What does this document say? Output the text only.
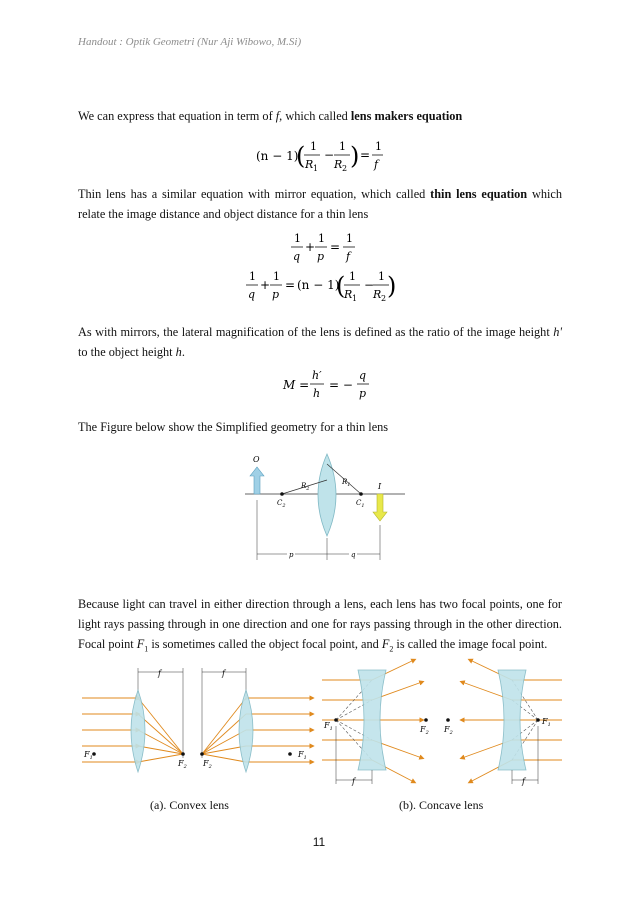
Handout : Optik Geometri (Nur Aji Wibowo, M.Si)
We can express that equation in term of f, which called lens makers equation
(n − 1)
( 1
R 1
−
1
R 2 ) =
1
f
Thin lens has a similar equation with mirror equation, which called thin lens equation which relate the image distance and object distance for a thin lens
1
q
+
1
p
=
1
f
1
q
+
1
p
= (n − 1)
( 1
R 1
−
1
R 2 )
As with mirrors, the lateral magnification of the lens is defined as the ratio of the image height h' to the object height h.
M =
h′
h
= −
q
p
The Figure below show the Simplified geometry for a thin lens
O
$R_2$
$R_1$
$C_2$	$C_1$
I
p	q
Because light can travel in either direction through a lens, each lens has two focal points, one for light rays passing through in one direction and one for rays passing through in the other direction. Focal point $F_1$ is sometimes called the object focal point, and $F_2$ is called the image focal point.
f	f
$F_1$
$F_2$ $F_2$
$F_1$
$F_1$	$F_2$ $F_2$
$F_1$
f	f
(a). Convex lens	(b). Concave lens
11
